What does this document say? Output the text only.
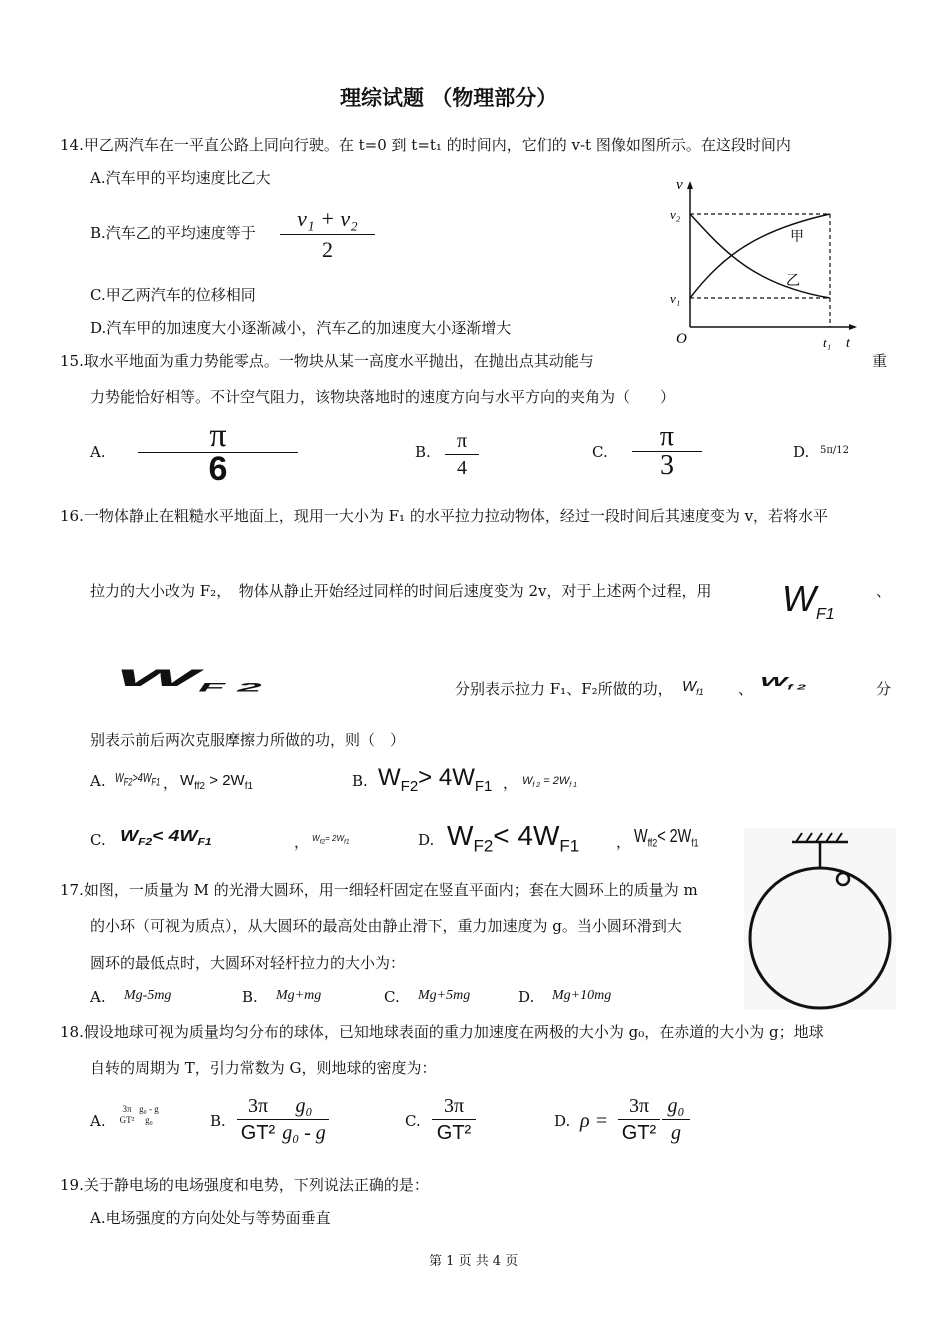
理综试题 （物理部分）
14.甲乙两汽车在一平直公路上同向行驶。在 t=0 到 t=t₁ 的时间内，它们的 v-t 图像如图所示。在这段时间内
A.汽车甲的平均速度比乙大
B.汽车乙的平均速度等于
v₁ + v₂
2
C.甲乙两汽车的位移相同
D.汽车甲的加速度大小逐渐减小，汽车乙的加速度大小逐渐增大
v
v₂
v₁
O	t₁ t
甲
乙
15.取水平地面为重力势能零点。一物块从某一高度水平抛出，在抛出点其动能与	重
力势能恰好相等。不计空气阻力，该物块落地时的速度方向与水平方向的夹角为（　　）
A.	π
6	B.	π
4
C.	π
3	D. 5π/12
16.一物体静止在粗糙水平地面上，现用一大小为 F₁ 的水平拉力拉动物体，经过一段时间后其速度变为 v，若将水平
拉力的大小改为 F₂，　物体从静止开始经过同样的时间后速度变为 2v，对于上述两个过程，用 $W_{F1}$
、
$W_{F 2}$	分别表示拉力 F₁、F₂所做的功， $W_{f1}$ 、 $W_{f 2}$	分
别表示前后两次克服摩擦力所做的功，则（　）
A. $W_{F2}>4W_{F1}$ ， $W_{ff2} > 2W_{f1}$	B. $W_{F2}> 4W_{F1}$ ， $W_{f 2} = 2W_{f 1}$
C. $W_{F2}< 4W_{F1}$	， $W_{f2}= 2W_{f1}$	D. $W_{F2}< 4W_{F1}$ ， $W_{ff2}< 2W_{f1}$
17.如图，一质量为 M 的光滑大圆环，用一细轻杆固定在竖直平面内；套在大圆环上的质量为 m
的小环（可视为质点），从大圆环的最高处由静止滑下，重力加速度为 g。当小圆环滑到大
圆环的最低点时，大圆环对轻杆拉力的大小为：
A. Mg-5mg	B. Mg+mg	C. Mg+5mg	D. Mg+10mg
18.假设地球可视为质量均匀分布的球体，已知地球表面的重力加速度在两极的大小为 g₀，在赤道的大小为 g；地球
自转的周期为 T，引力常数为 G，则地球的密度为：
A.
3π
GT²
g₀ - g
g₀	B.
3π
GT²
g₀
g₀ - g
C.
3π
GT²
D. ρ =
3π
GT²
g₀
g
19.关于静电场的电场强度和电势，下列说法正确的是：
A.电场强度的方向处处与等势面垂直
第 1 页 共 4 页
